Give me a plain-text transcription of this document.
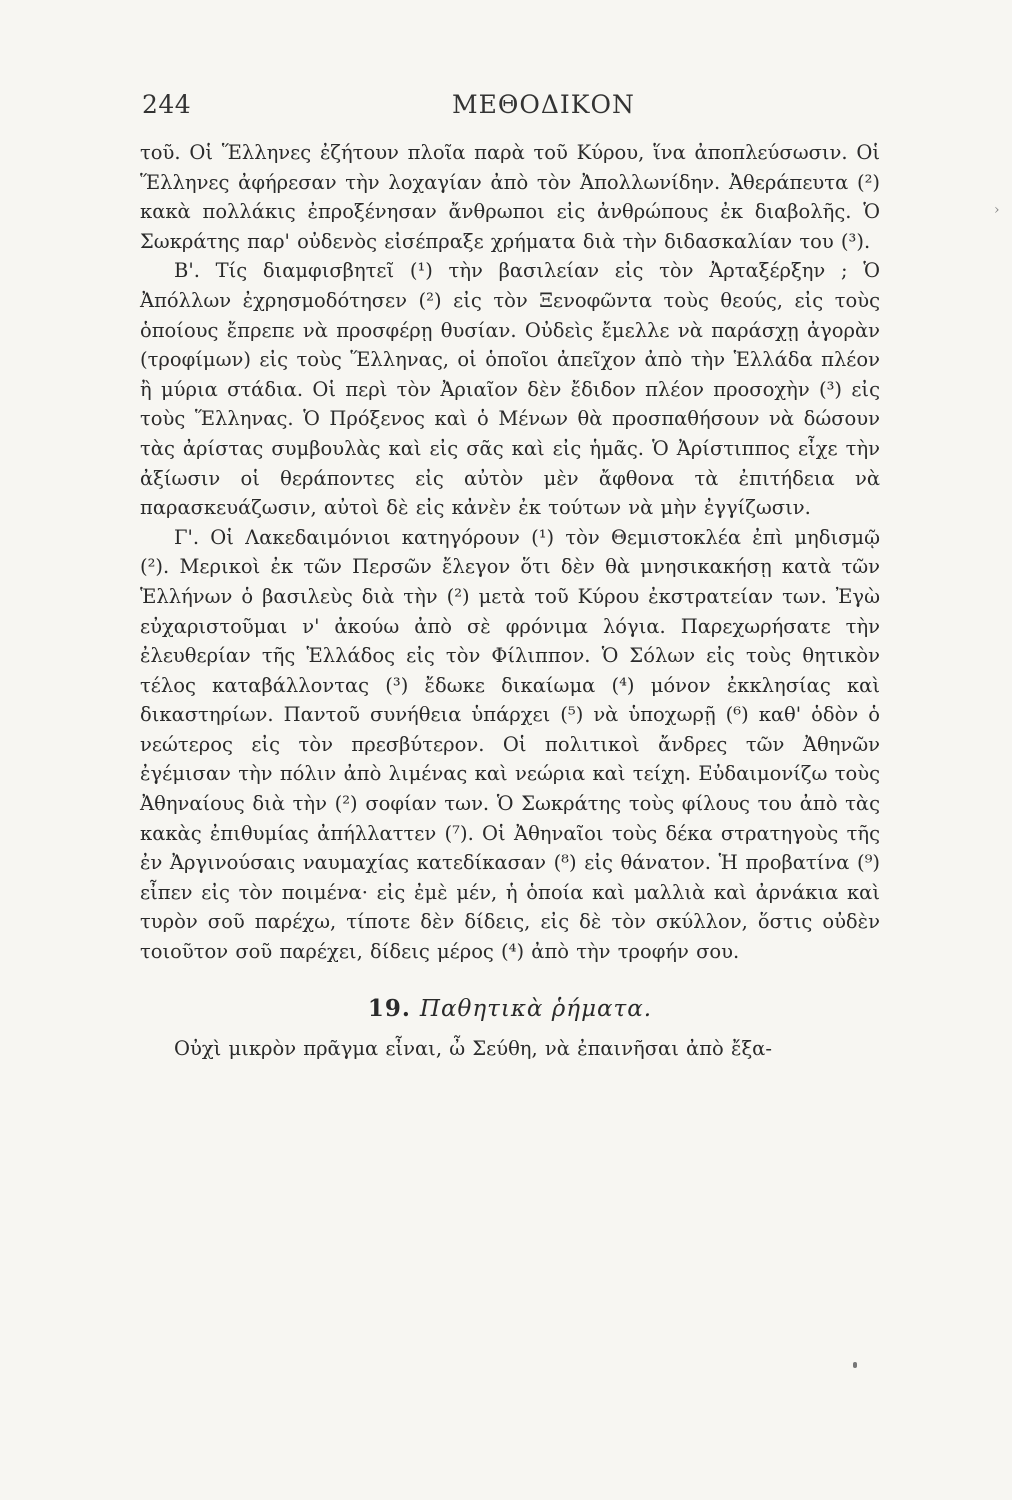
244	ΜΕΘΟΔΙΚΟΝ

τοῦ. Οἱ Ἕλληνες ἐζήτουν πλοῖα παρὰ τοῦ Κύρου, ἵνα ἀποπλεύσωσιν. Οἱ Ἕλληνες ἀφήρεσαν τὴν λοχαγίαν ἀπὸ τὸν Ἀπολλωνίδην. Ἀθεράπευτα (²) κακὰ πολλάκις ἐπροξένησαν ἄνθρωποι εἰς ἀνθρώπους ἐκ διαβολῆς. Ὁ Σωκράτης παρ' οὐδενὸς εἰσέπραξε χρήματα διὰ τὴν διδασκαλίαν του (³).

Β'. Τίς διαμφισβητεῖ (¹) τὴν βασιλείαν εἰς τὸν Ἀρταξέρξην ; Ὁ Ἀπόλλων ἐχρησμοδότησεν (²) εἰς τὸν Ξενοφῶντα τοὺς θεούς, εἰς τοὺς ὁποίους ἔπρεπε νὰ προσφέρῃ θυσίαν. Οὐδεὶς ἔμελλε νὰ παράσχῃ ἀγορὰν (τροφίμων) εἰς τοὺς Ἕλληνας, οἱ ὁποῖοι ἀπεῖχον ἀπὸ τὴν Ἑλλάδα πλέον ἢ μύρια στάδια. Οἱ περὶ τὸν Ἀριαῖον δὲν ἔδιδον πλέον προσοχὴν (³) εἰς τοὺς Ἕλληνας. Ὁ Πρόξενος καὶ ὁ Μένων θὰ προσπαθήσουν νὰ δώσουν τὰς ἀρίστας συμβουλὰς καὶ εἰς σᾶς καὶ εἰς ἡμᾶς. Ὁ Ἀρίστιππος εἶχε τὴν ἀξίωσιν οἱ θεράποντες εἰς αὐτὸν μὲν ἄφθονα τὰ ἐπιτήδεια νὰ παρασκευάζωσιν, αὐτοὶ δὲ εἰς κἀνὲν ἐκ τούτων νὰ μὴν ἐγγίζωσιν.

Γ'. Οἱ Λακεδαιμόνιοι κατηγόρουν (¹) τὸν Θεμιστοκλέα ἐπὶ μηδισμῷ (²). Μερικοὶ ἐκ τῶν Περσῶν ἔλεγον ὅτι δὲν θὰ μνησικακήσῃ κατὰ τῶν Ἑλλήνων ὁ βασιλεὺς διὰ τὴν (²) μετὰ τοῦ Κύρου ἐκστρατείαν των. Ἐγὼ εὐχαριστοῦμαι ν' ἀκούω ἀπὸ σὲ φρόνιμα λόγια. Παρεχωρήσατε τὴν ἐλευθερίαν τῆς Ἑλλάδος εἰς τὸν Φίλιππον. Ὁ Σόλων εἰς τοὺς θητικὸν τέλος καταβάλλοντας (³) ἔδωκε δικαίωμα (⁴) μόνον ἐκκλησίας καὶ δικαστηρίων. Παντοῦ συνήθεια ὑπάρχει (⁵) νὰ ὑποχωρῇ (⁶) καθ' ὁδὸν ὁ νεώτερος εἰς τὸν πρεσβύτερον. Οἱ πολιτικοὶ ἄνδρες τῶν Ἀθηνῶν ἐγέμισαν τὴν πόλιν ἀπὸ λιμένας καὶ νεώρια καὶ τείχη. Εὐδαιμονίζω τοὺς Ἀθηναίους διὰ τὴν (²) σοφίαν των. Ὁ Σωκράτης τοὺς φίλους του ἀπὸ τὰς κακὰς ἐπιθυμίας ἀπήλλαττεν (⁷). Οἱ Ἀθηναῖοι τοὺς δέκα στρατηγοὺς τῆς ἐν Ἀργινούσαις ναυμαχίας κατεδίκασαν (⁸) εἰς θάνατον. Ἡ προβατίνα (⁹) εἶπεν εἰς τὸν ποιμένα· εἰς ἐμὲ μέν, ἡ ὁποία καὶ μαλλιὰ καὶ ἀρνάκια καὶ τυρὸν σοῦ παρέχω, τίποτε δὲν δίδεις, εἰς δὲ τὸν σκύλλον, ὅστις οὐδὲν τοιοῦτον σοῦ παρέχει, δίδεις μέρος (⁴) ἀπὸ τὴν τροφήν σου.

19. Παθητικὰ ῥήματα.

Οὐχὶ μικρὸν πρᾶγμα εἶναι, ὦ Σεύθη, νὰ ἐπαινῆσαι ἀπὸ ἔξα-

›
